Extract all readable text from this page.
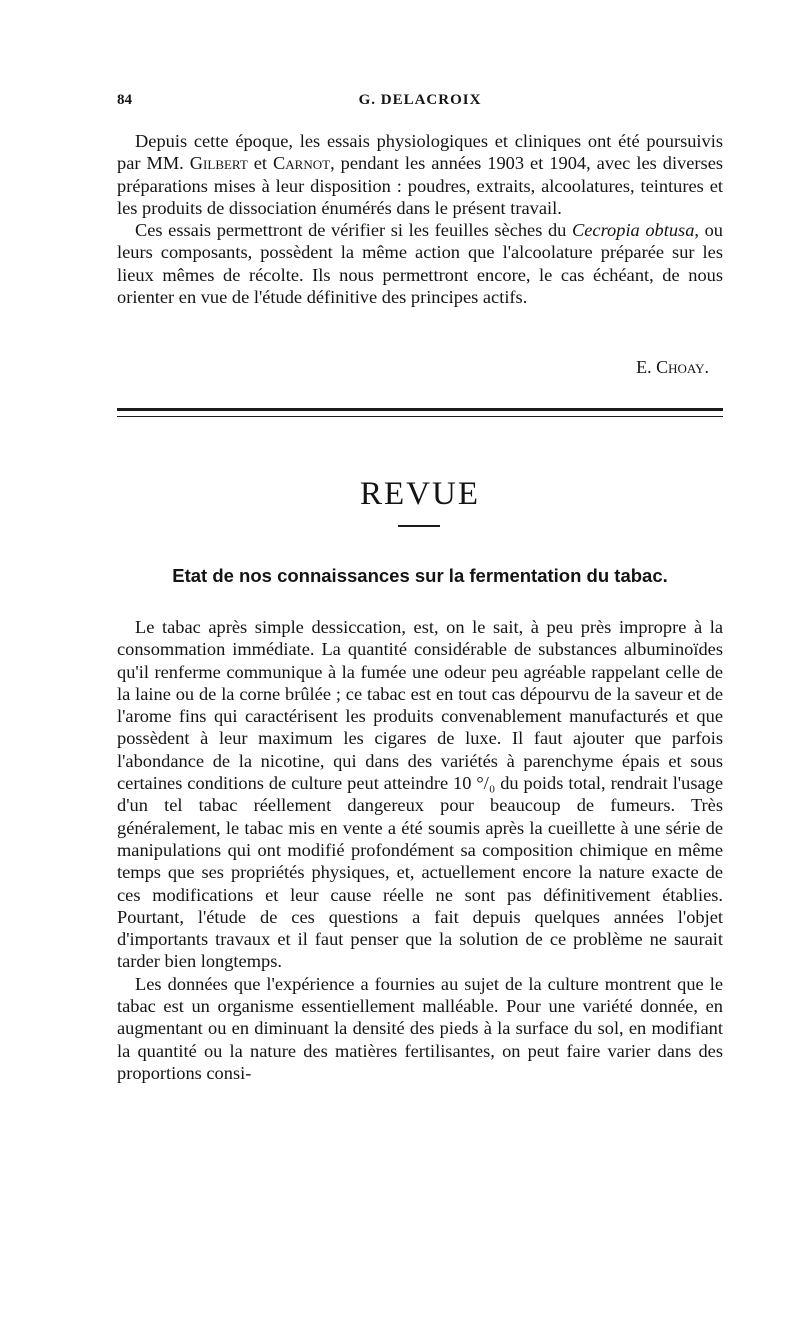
84	G. DELACROIX

Depuis cette époque, les essais physiologiques et cliniques ont été poursuivis par MM. Gilbert et Carnot, pendant les années 1903 et 1904, avec les diverses préparations mises à leur disposition : poudres, extraits, alcoolatures, teintures et les produits de dissociation énumérés dans le présent travail.

Ces essais permettront de vérifier si les feuilles sèches du Cecropia obtusa, ou leurs composants, possèdent la même action que l'alcoolature préparée sur les lieux mêmes de récolte. Ils nous permettront encore, le cas échéant, de nous orienter en vue de l'étude définitive des principes actifs.

E. Choay.
REVUE
Etat de nos connaissances sur la fermentation du tabac.

Le tabac après simple dessiccation, est, on le sait, à peu près impropre à la consommation immédiate. La quantité considérable de substances albuminoïdes qu'il renferme communique à la fumée une odeur peu agréable rappelant celle de la laine ou de la corne brûlée ; ce tabac est en tout cas dépourvu de la saveur et de l'arome fins qui caractérisent les produits convenablement manufacturés et que possèdent à leur maximum les cigares de luxe. Il faut ajouter que parfois l'abondance de la nicotine, qui dans des variétés à parenchyme épais et sous certaines conditions de culture peut atteindre 10 °/₀ du poids total, rendrait l'usage d'un tel tabac réellement dangereux pour beaucoup de fumeurs. Très généralement, le tabac mis en vente a été soumis après la cueillette à une série de manipulations qui ont modifié profondément sa composition chimique en même temps que ses propriétés physiques, et, actuellement encore la nature exacte de ces modifications et leur cause réelle ne sont pas définitivement établies. Pourtant, l'étude de ces questions a fait depuis quelques années l'objet d'importants travaux et il faut penser que la solution de ce problème ne saurait tarder bien longtemps.

Les données que l'expérience a fournies au sujet de la culture montrent que le tabac est un organisme essentiellement malléable. Pour une variété donnée, en augmentant ou en diminuant la densité des pieds à la surface du sol, en modifiant la quantité ou la nature des matières fertilisantes, on peut faire varier dans des proportions consi-
